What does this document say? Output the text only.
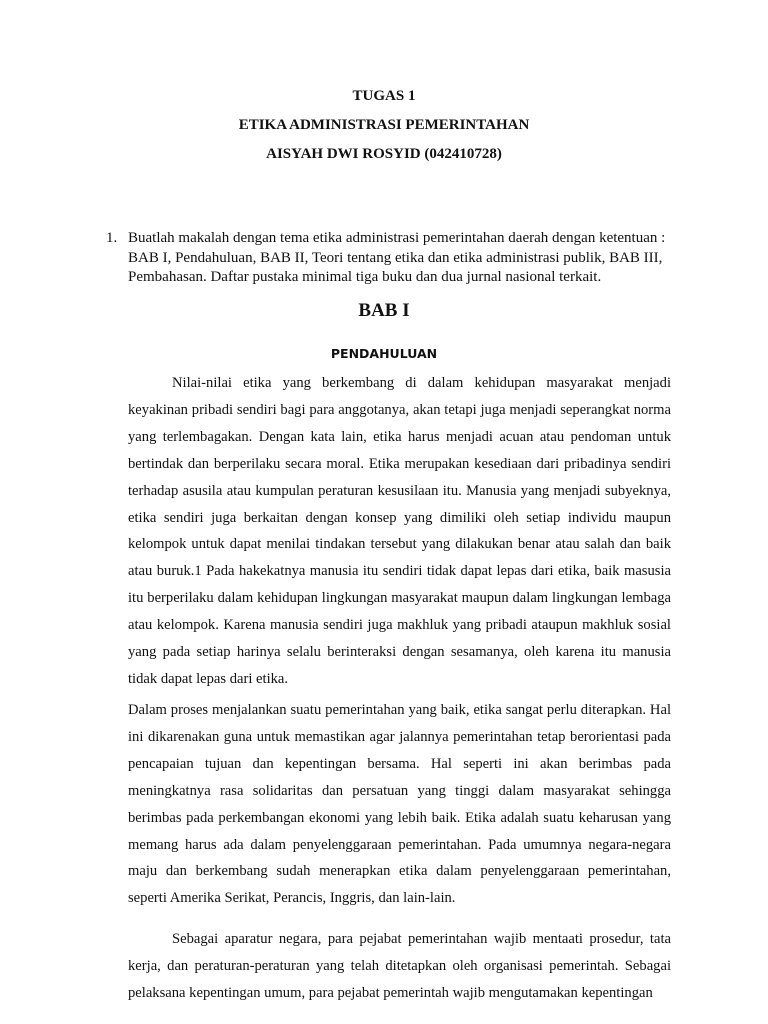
TUGAS 1
ETIKA ADMINISTRASI PEMERINTAHAN
AISYAH DWI ROSYID (042410728)
1. Buatlah makalah dengan tema etika administrasi pemerintahan daerah dengan ketentuan : BAB I, Pendahuluan, BAB II, Teori tentang etika dan etika administrasi publik, BAB III, Pembahasan. Daftar pustaka minimal tiga buku dan dua jurnal nasional terkait.
BAB I
PENDAHULUAN

Nilai-nilai etika yang berkembang di dalam kehidupan masyarakat menjadi keyakinan pribadi sendiri bagi para anggotanya, akan tetapi juga menjadi seperangkat norma yang terlembagakan. Dengan kata lain, etika harus menjadi acuan atau pendoman untuk bertindak dan berperilaku secara moral. Etika merupakan kesediaan dari pribadinya sendiri terhadap asusila atau kumpulan peraturan kesusilaan itu. Manusia yang menjadi subyeknya, etika sendiri juga berkaitan dengan konsep yang dimiliki oleh setiap individu maupun kelompok untuk dapat menilai tindakan tersebut yang dilakukan benar atau salah dan baik atau buruk.1 Pada hakekatnya manusia itu sendiri tidak dapat lepas dari etika, baik masusia itu berperilaku dalam kehidupan lingkungan masyarakat maupun dalam lingkungan lembaga atau kelompok. Karena manusia sendiri juga makhluk yang pribadi ataupun makhluk sosial yang pada setiap harinya selalu berinteraksi dengan sesamanya, oleh karena itu manusia tidak dapat lepas dari etika.

Dalam proses menjalankan suatu pemerintahan yang baik, etika sangat perlu diterapkan. Hal ini dikarenakan guna untuk memastikan agar jalannya pemerintahan tetap berorientasi pada pencapaian tujuan dan kepentingan bersama. Hal seperti ini akan berimbas pada meningkatnya rasa solidaritas dan persatuan yang tinggi dalam masyarakat sehingga berimbas pada perkembangan ekonomi yang lebih baik. Etika adalah suatu keharusan yang memang harus ada dalam penyelenggaraan pemerintahan. Pada umumnya negara-negara maju dan berkembang sudah menerapkan etika dalam penyelenggaraan pemerintahan, seperti Amerika Serikat, Perancis, Inggris, dan lain-lain.

Sebagai aparatur negara, para pejabat pemerintahan wajib mentaati prosedur, tata kerja, dan peraturan-peraturan yang telah ditetapkan oleh organisasi pemerintah. Sebagai pelaksana kepentingan umum, para pejabat pemerintah wajib mengutamakan kepentingan
